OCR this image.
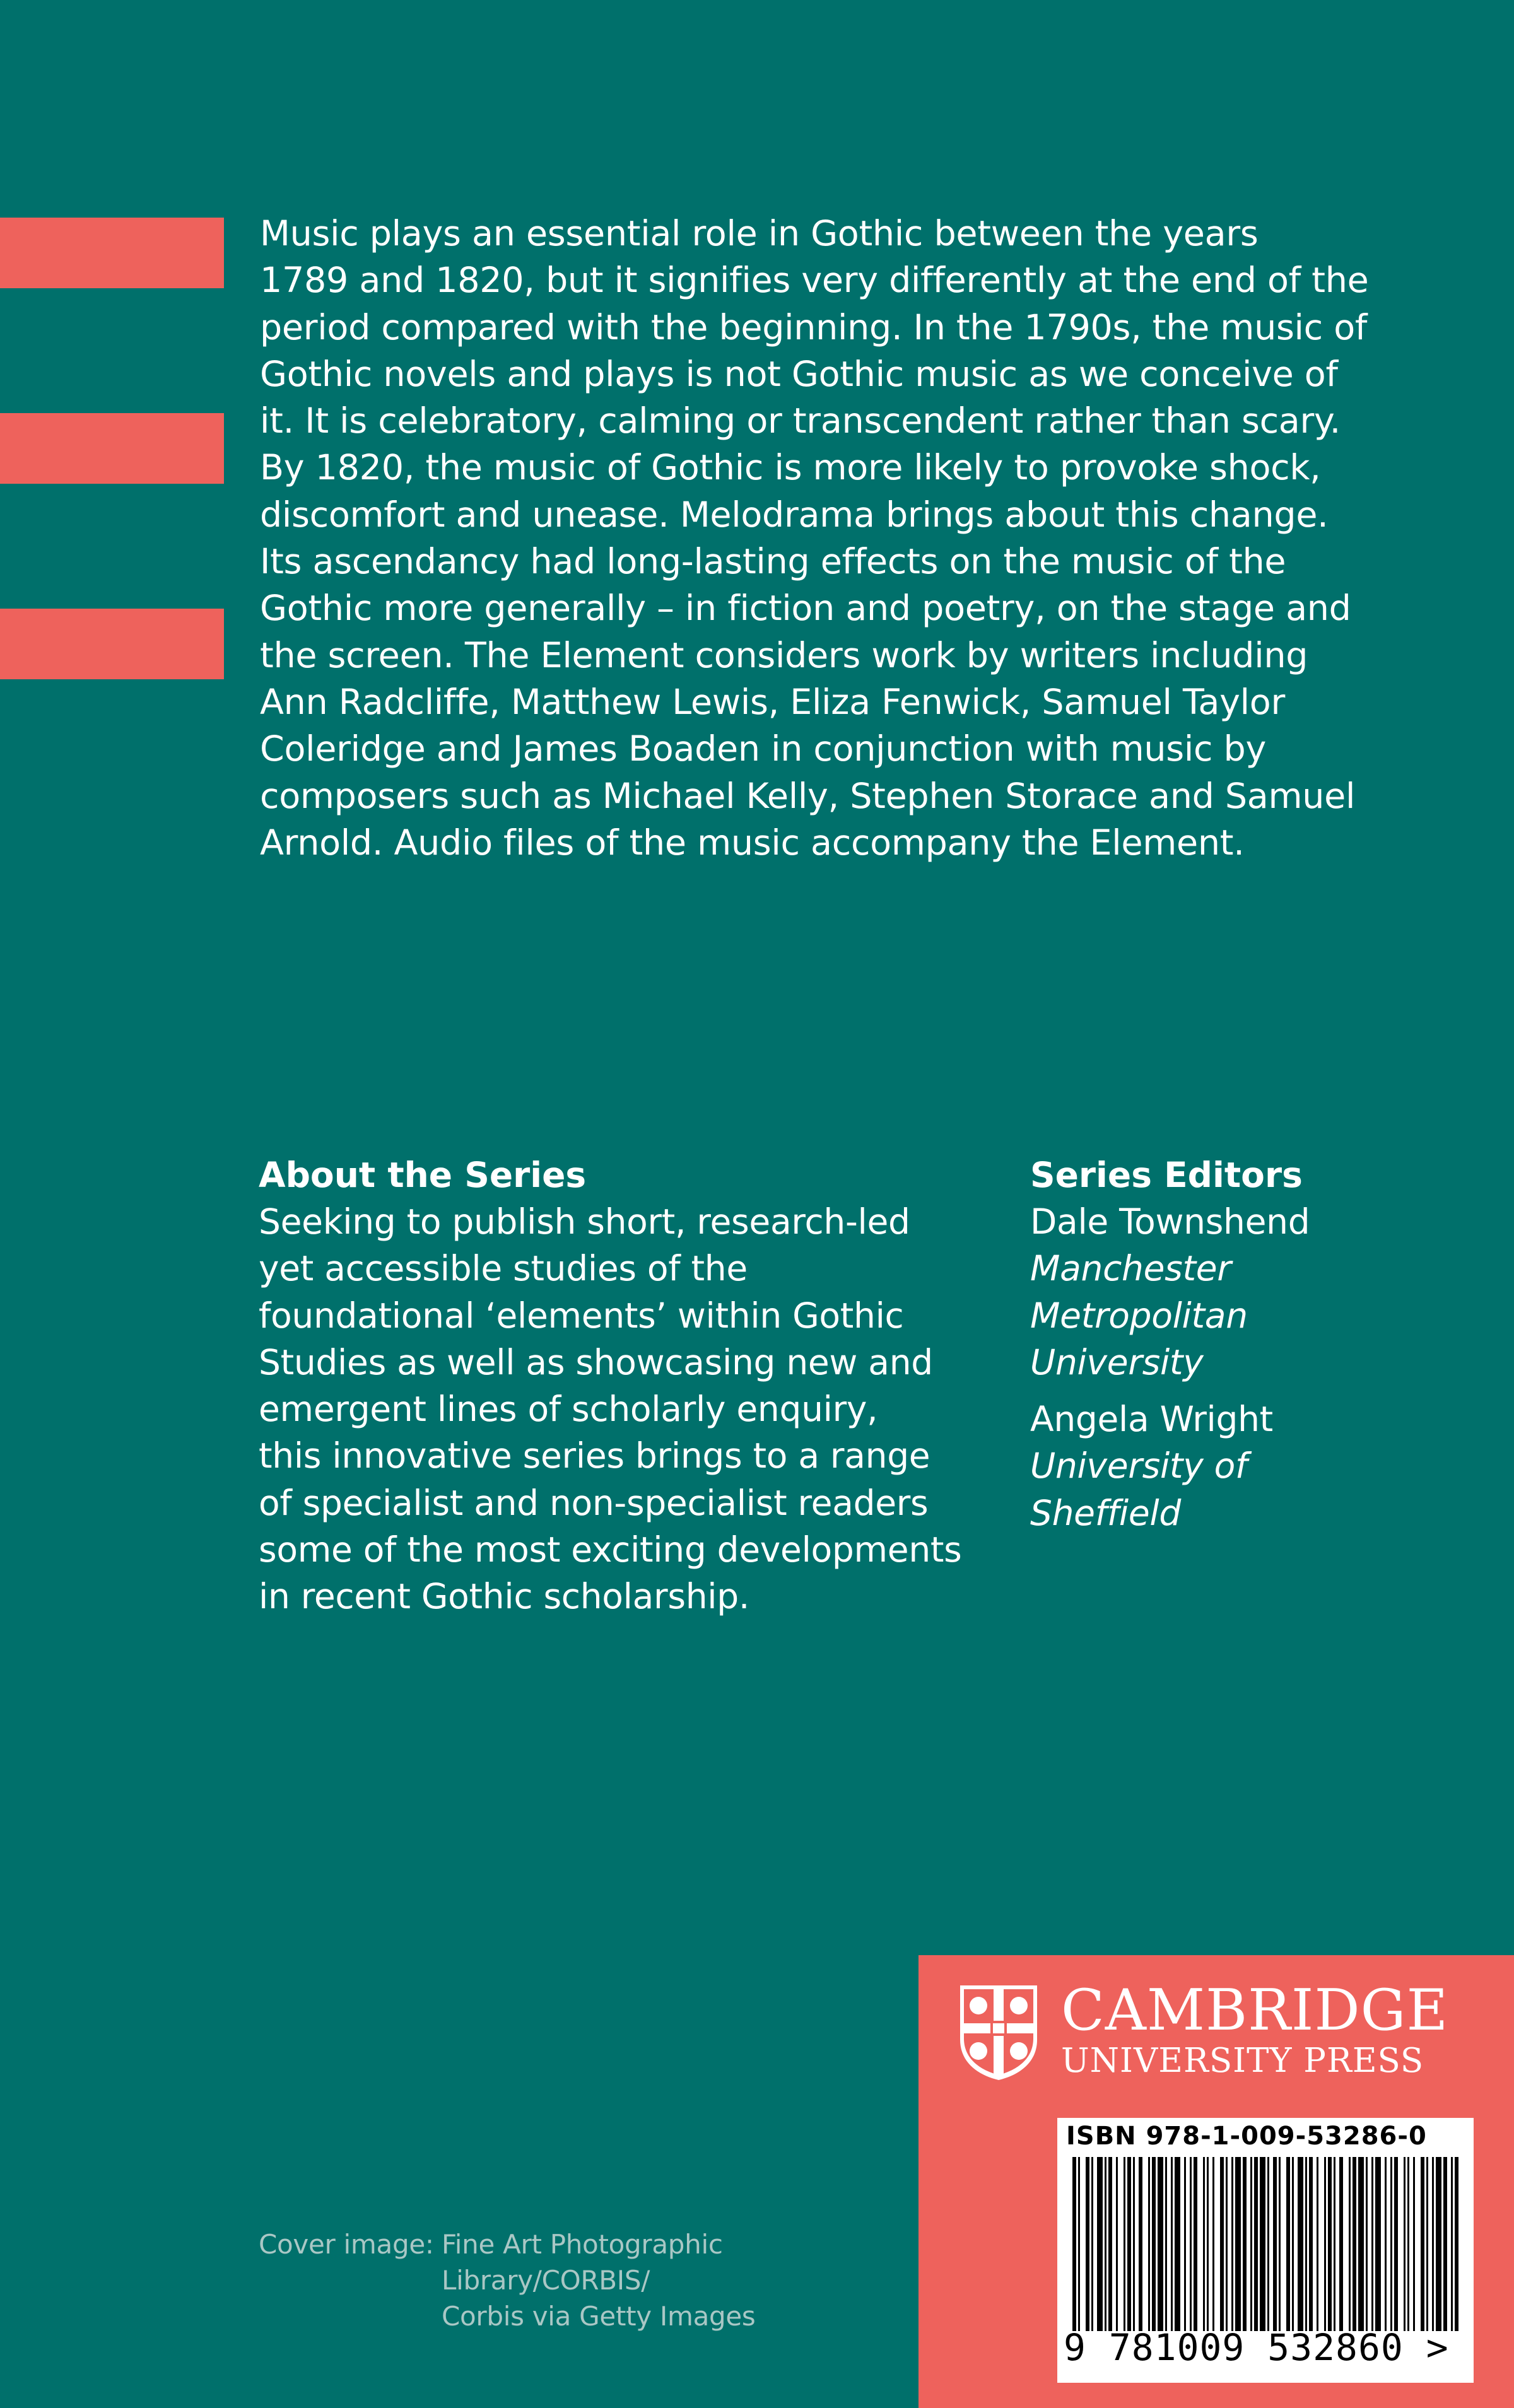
Music plays an essential role in Gothic between the years
1789 and 1820, but it signifies very differently at the end of the
period compared with the beginning. In the 1790s, the music of
Gothic novels and plays is not Gothic music as we conceive of
it. It is celebratory, calming or transcendent rather than scary.
By 1820, the music of Gothic is more likely to provoke shock,
discomfort and unease. Melodrama brings about this change.
Its ascendancy had long-lasting effects on the music of the
Gothic more generally – in fiction and poetry, on the stage and
the screen. The Element considers work by writers including
Ann Radcliffe, Matthew Lewis, Eliza Fenwick, Samuel Taylor
Coleridge and James Boaden in conjunction with music by
composers such as Michael Kelly, Stephen Storace and Samuel
Arnold. Audio files of the music accompany the Element.
About the Series
Seeking to publish short, research-led
yet accessible studies of the
foundational ‘elements’ within Gothic
Studies as well as showcasing new and
emergent lines of scholarly enquiry,
this innovative series brings to a range
of specialist and non-specialist readers
some of the most exciting developments
in recent Gothic scholarship.
Series Editors
Dale Townshend
Manchester
Metropolitan
University
Angela Wright
University of
Sheffield
Cover image: Fine Art Photographic
Library/CORBIS/
Corbis via Getty Images
CAMBRIDGE
UNIVERSITY PRESS
ISBN 978-1-009-53286-0
9 781009 532860 >
